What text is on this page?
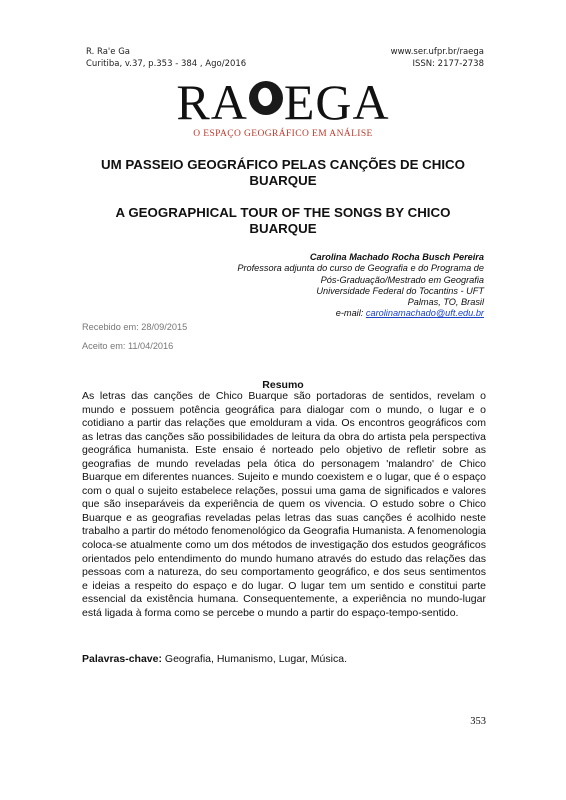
R. Ra'e Ga
Curitiba, v.37, p.353 - 384 , Ago/2016
www.ser.ufpr.br/raega
ISSN: 2177-2738
RA EGA
O ESPAÇO GEOGRÁFICO EM ANÁLISE
UM PASSEIO GEOGRÁFICO PELAS CANÇÕES DE CHICO BUARQUE
A GEOGRAPHICAL TOUR OF THE SONGS BY CHICO BUARQUE
Carolina Machado Rocha Busch Pereira
Professora adjunta do curso de Geografia e do Programa de
Pós-Graduação/Mestrado em Geografia
Universidade Federal do Tocantins - UFT
Palmas, TO, Brasil
e-mail: carolinamachado@uft.edu.br
Recebido em: 28/09/2015
Aceito em: 11/04/2016
Resumo
As letras das canções de Chico Buarque são portadoras de sentidos, revelam o mundo e possuem potência geográfica para dialogar com o mundo, o lugar e o cotidiano a partir das relações que emolduram a vida. Os encontros geográficos com as letras das canções são possibilidades de leitura da obra do artista pela perspectiva geográfica humanista. Este ensaio é norteado pelo objetivo de refletir sobre as geografias de mundo reveladas pela ótica do personagem 'malandro' de Chico Buarque em diferentes nuances. Sujeito e mundo coexistem e o lugar, que é o espaço com o qual o sujeito estabelece relações, possui uma gama de significados e valores que são inseparáveis da experiência de quem os vivencia. O estudo sobre o Chico Buarque e as geografias reveladas pelas letras das suas canções é acolhido neste trabalho a partir do método fenomenológico da Geografia Humanista. A fenomenologia coloca-se atualmente como um dos métodos de investigação dos estudos geográficos orientados pelo entendimento do mundo humano através do estudo das relações das pessoas com a natureza, do seu comportamento geográfico, e dos seus sentimentos e ideias a respeito do espaço e do lugar. O lugar tem um sentido e constitui parte essencial da existência humana. Consequentemente, a experiência no mundo-lugar está ligada à forma como se percebe o mundo a partir do espaço-tempo-sentido.
Palavras-chave: Geografia, Humanismo, Lugar, Música.
353
